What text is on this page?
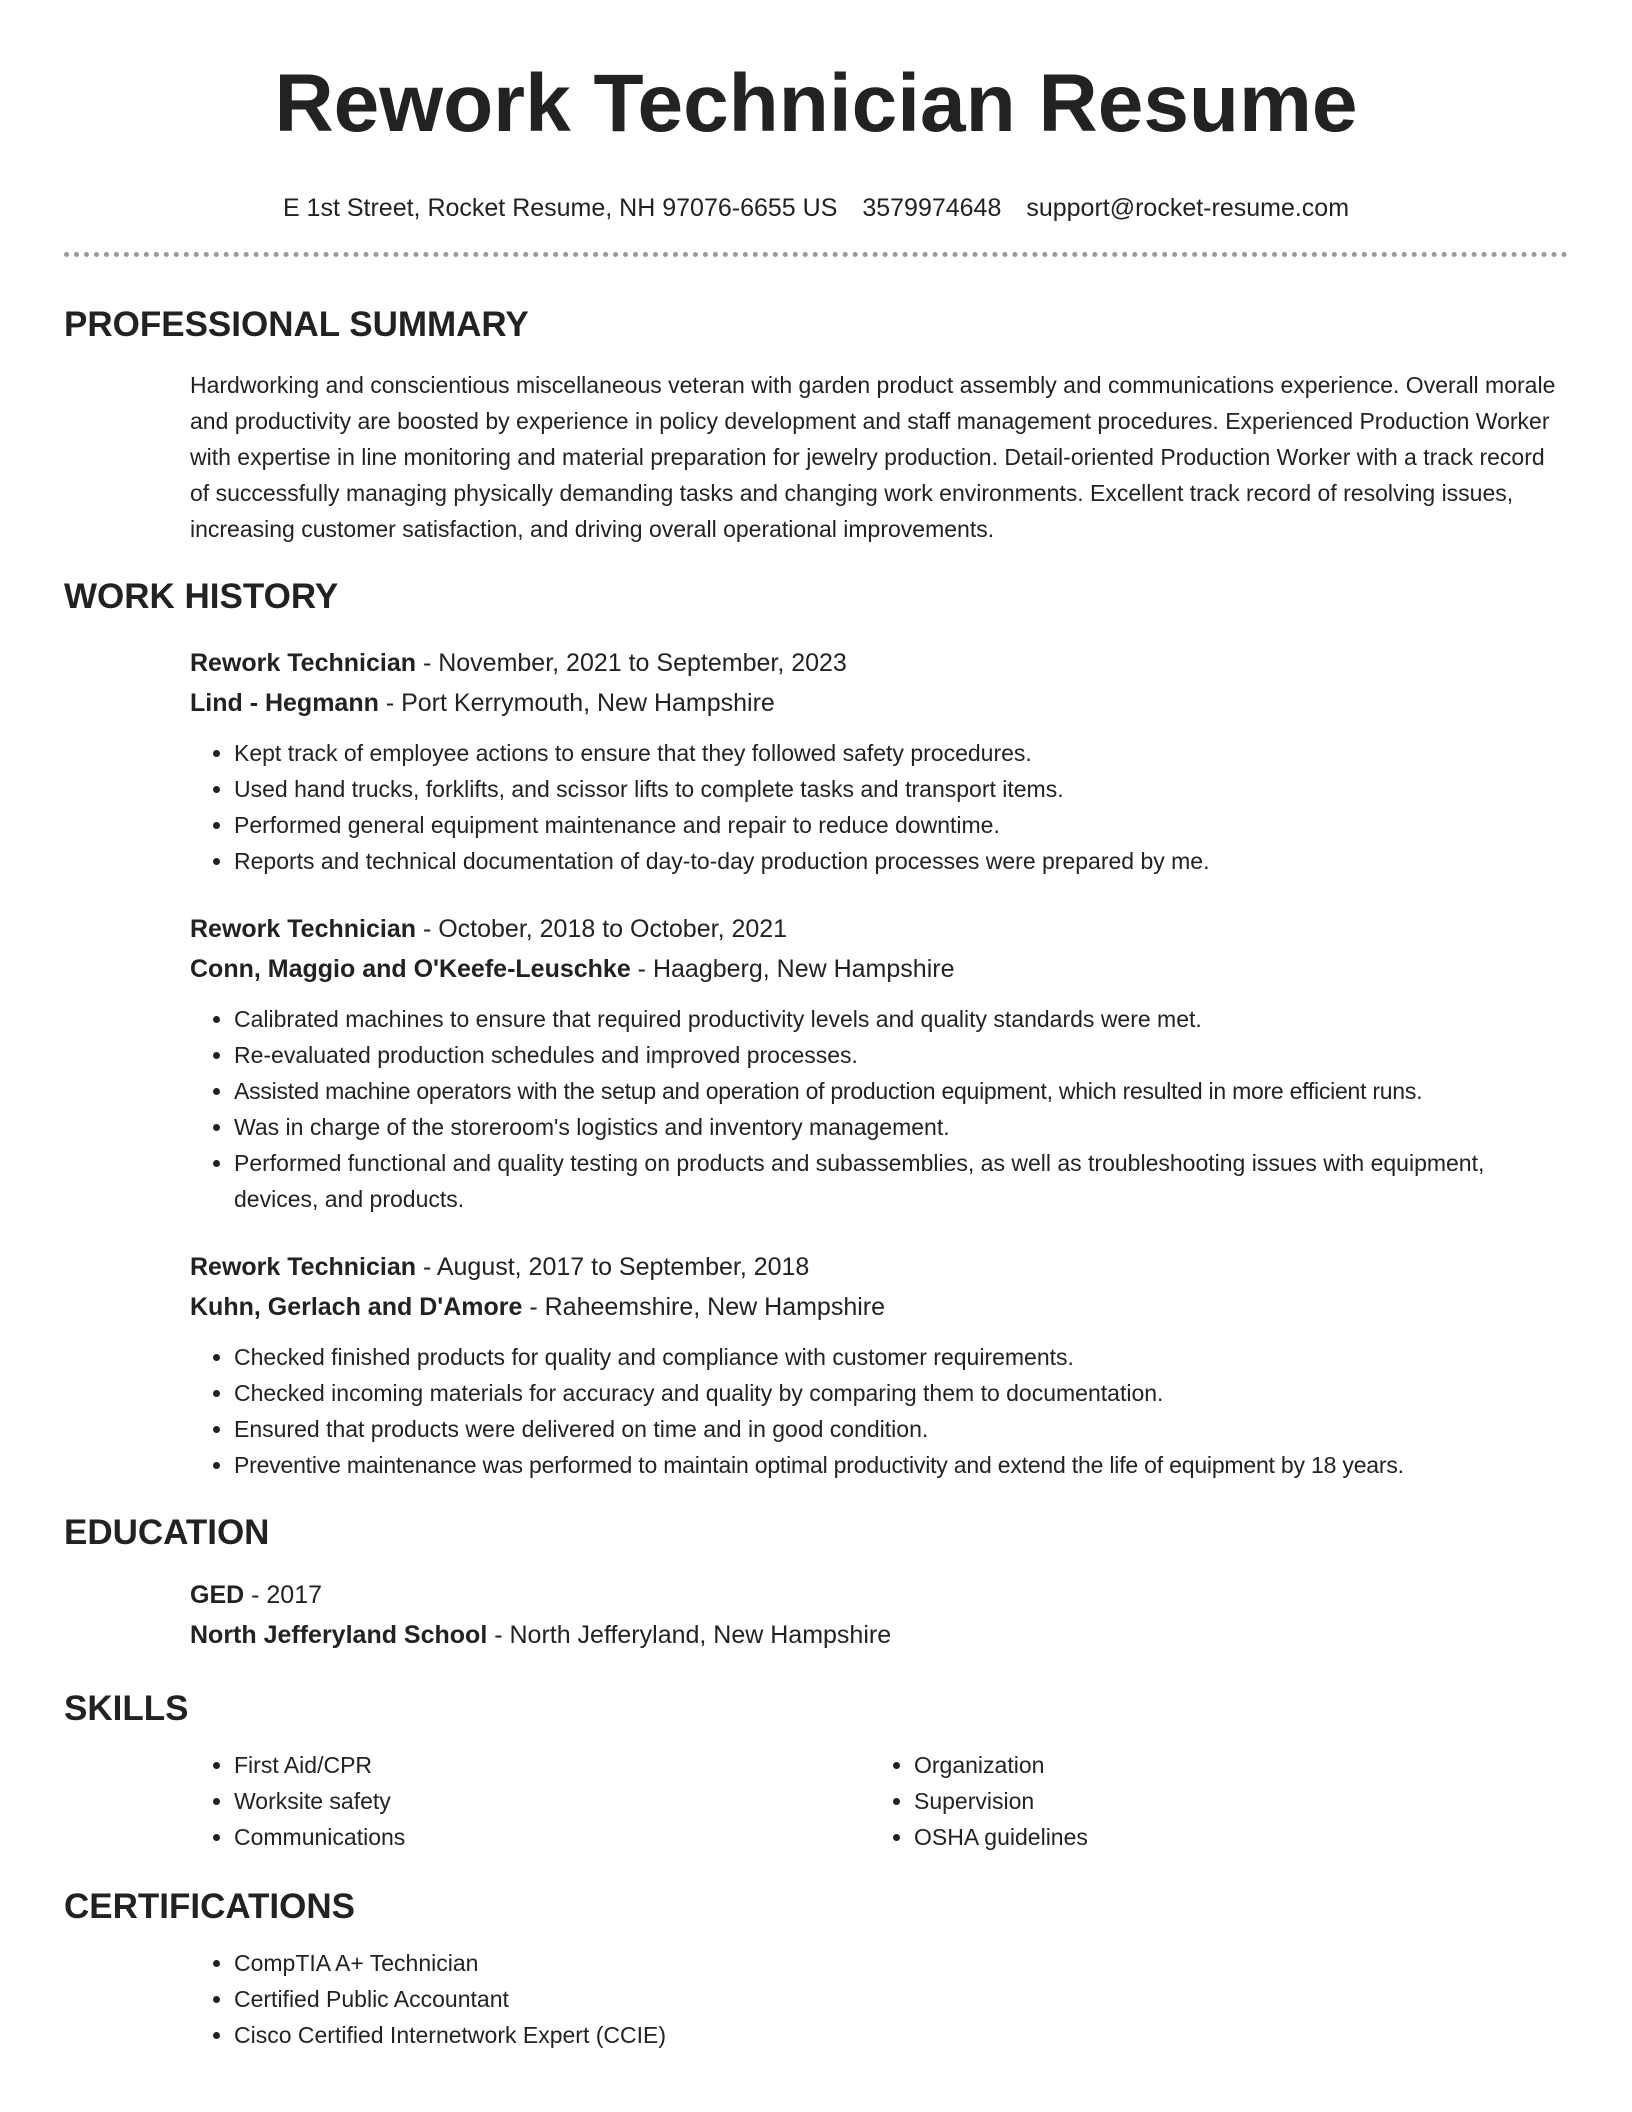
Rework Technician Resume
E 1st Street, Rocket Resume, NH 97076-6655 US 3579974648 support@rocket-resume.com
PROFESSIONAL SUMMARY
Hardworking and conscientious miscellaneous veteran with garden product assembly and communications experience. Overall morale and productivity are boosted by experience in policy development and staff management procedures. Experienced Production Worker with expertise in line monitoring and material preparation for jewelry production. Detail-oriented Production Worker with a track record of successfully managing physically demanding tasks and changing work environments. Excellent track record of resolving issues, increasing customer satisfaction, and driving overall operational improvements.
WORK HISTORY
Rework Technician - November, 2021 to September, 2023
Lind - Hegmann - Port Kerrymouth, New Hampshire
• Kept track of employee actions to ensure that they followed safety procedures.
• Used hand trucks, forklifts, and scissor lifts to complete tasks and transport items.
• Performed general equipment maintenance and repair to reduce downtime.
• Reports and technical documentation of day-to-day production processes were prepared by me.
Rework Technician - October, 2018 to October, 2021
Conn, Maggio and O'Keefe-Leuschke - Haagberg, New Hampshire
• Calibrated machines to ensure that required productivity levels and quality standards were met.
• Re-evaluated production schedules and improved processes.
• Assisted machine operators with the setup and operation of production equipment, which resulted in more efficient runs.
• Was in charge of the storeroom's logistics and inventory management.
• Performed functional and quality testing on products and subassemblies, as well as troubleshooting issues with equipment, devices, and products.
Rework Technician - August, 2017 to September, 2018
Kuhn, Gerlach and D'Amore - Raheemshire, New Hampshire
• Checked finished products for quality and compliance with customer requirements.
• Checked incoming materials for accuracy and quality by comparing them to documentation.
• Ensured that products were delivered on time and in good condition.
• Preventive maintenance was performed to maintain optimal productivity and extend the life of equipment by 18 years.
EDUCATION
GED - 2017
North Jefferyland School - North Jefferyland, New Hampshire
SKILLS
• First Aid/CPR
• Worksite safety
• Communications
• Organization
• Supervision
• OSHA guidelines
CERTIFICATIONS
• CompTIA A+ Technician
• Certified Public Accountant
• Cisco Certified Internetwork Expert (CCIE)
